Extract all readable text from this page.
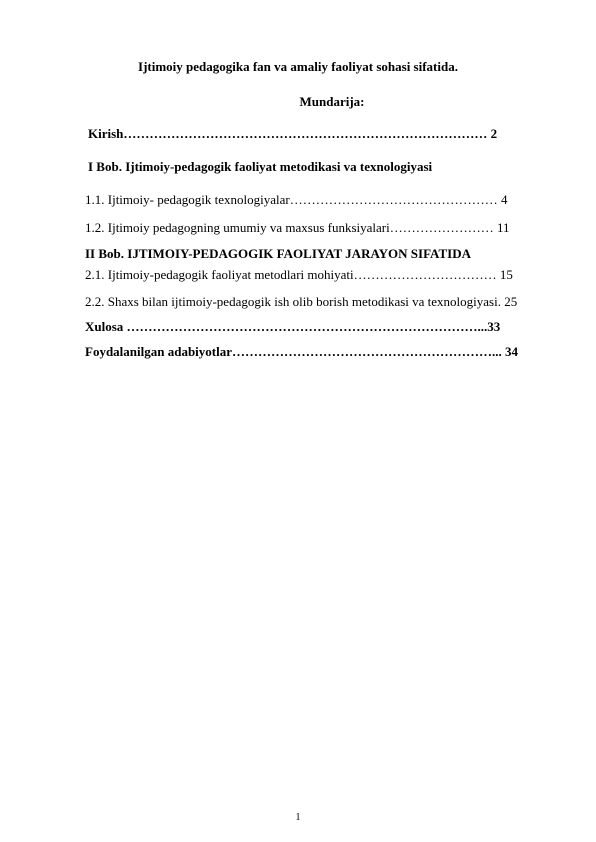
Ijtimoiy pedagogika fan va amaliy faoliyat sohasi sifatida.
Mundarija:
Kirish………………………………………………………………………… 2
I Bob. Ijtimoiy-pedagogik faoliyat metodikasi va texnologiyasi
1.1. Ijtimoiy- pedagogik texnologiyalar………………………………………… 4
1.2. Ijtimoiy pedagogning umumiy va maxsus funksiyalari…………………… 11
II Bob. IJTIMOIY-PEDAGOGIK FAOLIYAT JARAYON SIFATIDA
2.1. Ijtimoiy-pedagogik faoliyat metodlari mohiyati…………………………… 15
2.2. Shaxs bilan ijtimoiy-pedagogik ish olib borish metodikasi va texnologiyasi. 25
Xulosa ………………………………………………………………………...33
Foydalanilgan adabiyotlar……………………………………………………... 34
1
